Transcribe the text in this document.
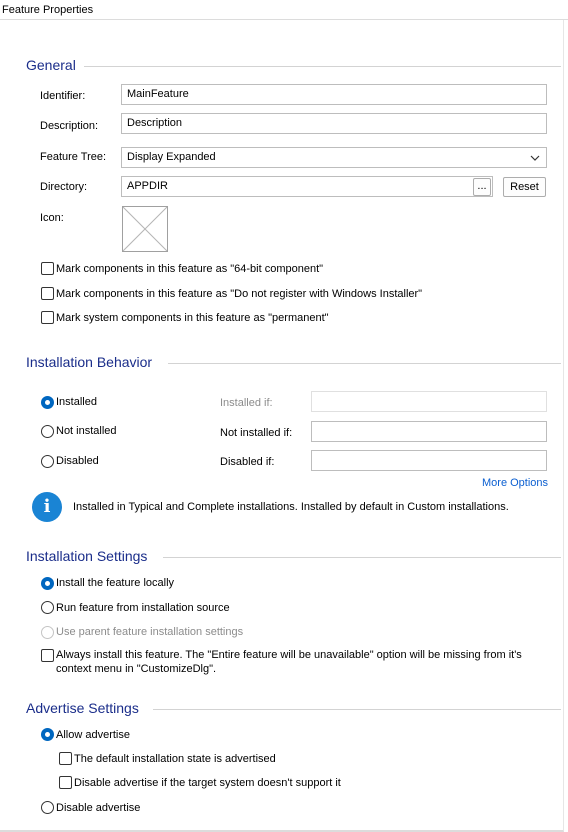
Feature Properties
General
Identifier:	MainFeature
Description:	Description
Feature Tree:	Display Expanded
Directory:	APPDIR	...	Reset
Icon:
Mark components in this feature as "64-bit component"
Mark components in this feature as "Do not register with Windows Installer"
Mark system components in this feature as "permanent"
Installation Behavior
Installed	Installed if:
Not installed	Not installed if:
Disabled	Disabled if:
More Options
i	Installed in Typical and Complete installations. Installed by default in Custom installations.
Installation Settings
Install the feature locally
Run feature from installation source
Use parent feature installation settings
Always install this feature. The "Entire feature will be unavailable" option will be missing from it's
context menu in "CustomizeDlg".
Advertise Settings
Allow advertise
The default installation state is advertised
Disable advertise if the target system doesn't support it
Disable advertise
